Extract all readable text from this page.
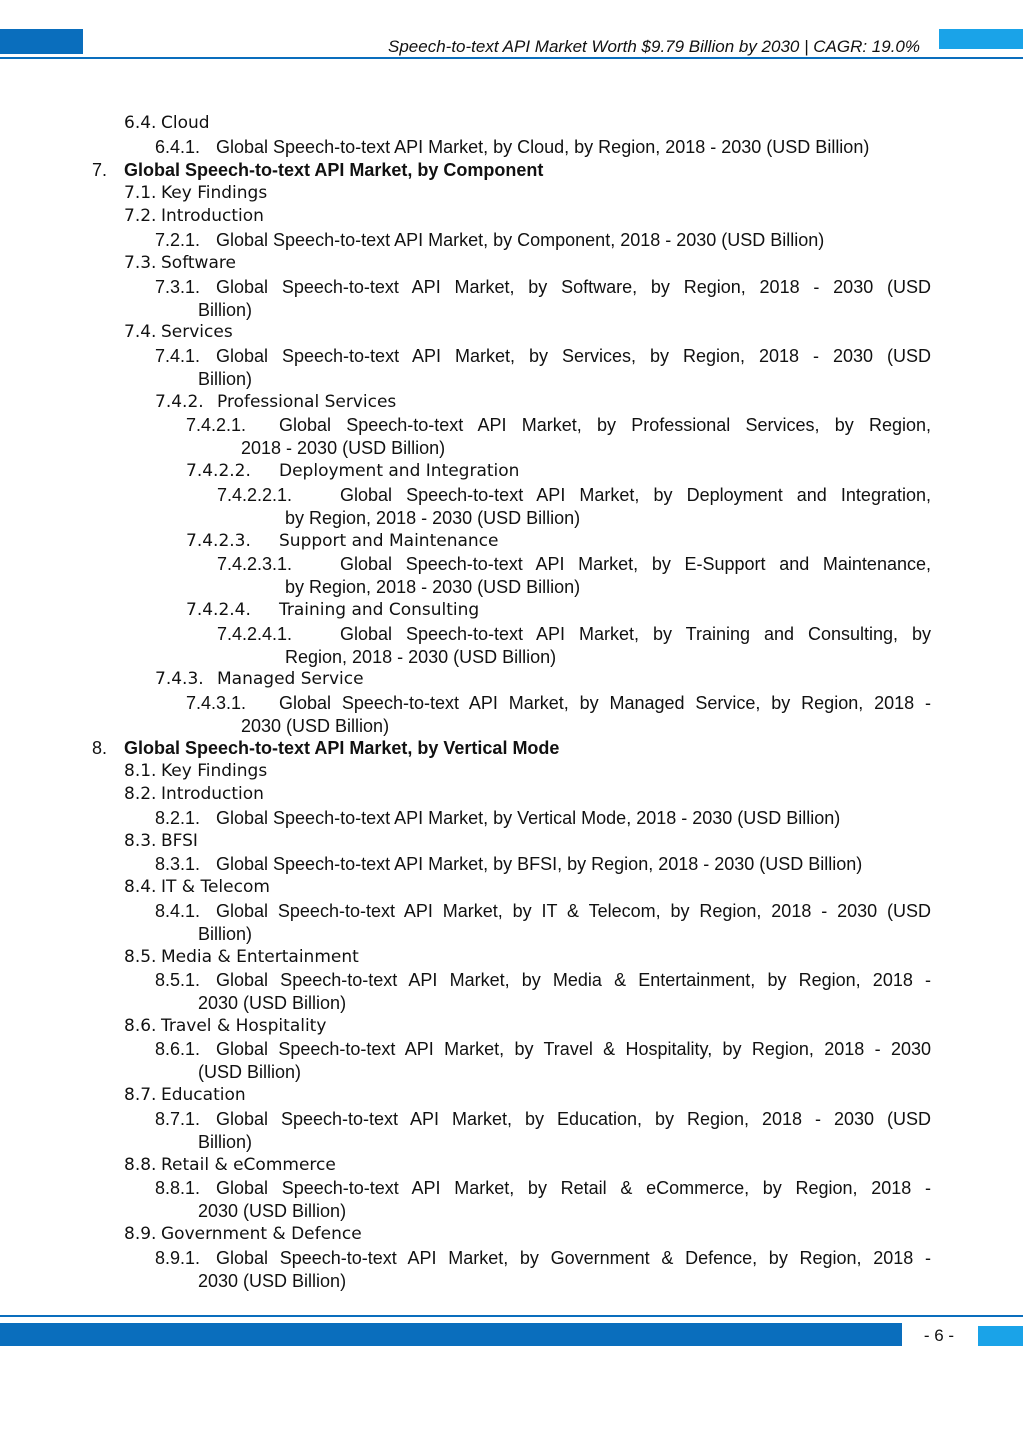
Speech-to-text API Market Worth $9.79 Billion by 2030 | CAGR: 19.0%
6.4. Cloud
6.4.1. Global Speech-to-text API Market, by Cloud, by Region, 2018 - 2030 (USD Billion)
7. Global Speech-to-text API Market, by Component
7.1. Key Findings
7.2. Introduction
7.2.1. Global Speech-to-text API Market, by Component, 2018 - 2030 (USD Billion)
7.3. Software
7.3.1. Global Speech-to-text API Market, by Software, by Region, 2018 - 2030 (USD
Billion)
7.4. Services
7.4.1. Global Speech-to-text API Market, by Services, by Region, 2018 - 2030 (USD
Billion)
7.4.2. Professional Services
7.4.2.1. Global Speech-to-text API Market, by Professional Services, by Region,
2018 - 2030 (USD Billion)
7.4.2.2. Deployment and Integration
7.4.2.2.1.	Global Speech-to-text API Market, by Deployment and Integration,
by Region, 2018 - 2030 (USD Billion)
7.4.2.3. Support and Maintenance
7.4.2.3.1.	Global Speech-to-text API Market, by E-Support and Maintenance,
by Region, 2018 - 2030 (USD Billion)
7.4.2.4. Training and Consulting
7.4.2.4.1.	Global Speech-to-text API Market, by Training and Consulting, by
Region, 2018 - 2030 (USD Billion)
7.4.3. Managed Service
7.4.3.1. Global Speech-to-text API Market, by Managed Service, by Region, 2018 -
2030 (USD Billion)
8. Global Speech-to-text API Market, by Vertical Mode
8.1. Key Findings
8.2. Introduction
8.2.1. Global Speech-to-text API Market, by Vertical Mode, 2018 - 2030 (USD Billion)
8.3. BFSI
8.3.1. Global Speech-to-text API Market, by BFSI, by Region, 2018 - 2030 (USD Billion)
8.4. IT & Telecom
8.4.1. Global Speech-to-text API Market, by IT & Telecom, by Region, 2018 - 2030 (USD
Billion)
8.5. Media & Entertainment
8.5.1. Global Speech-to-text API Market, by Media & Entertainment, by Region, 2018 -
2030 (USD Billion)
8.6. Travel & Hospitality
8.6.1. Global Speech-to-text API Market, by Travel & Hospitality, by Region, 2018 - 2030
(USD Billion)
8.7. Education
8.7.1. Global Speech-to-text API Market, by Education, by Region, 2018 - 2030 (USD
Billion)
8.8. Retail & eCommerce
8.8.1. Global Speech-to-text API Market, by Retail & eCommerce, by Region, 2018 -
2030 (USD Billion)
8.9. Government & Defence
8.9.1. Global Speech-to-text API Market, by Government & Defence, by Region, 2018 -
2030 (USD Billion)
- 6 -
